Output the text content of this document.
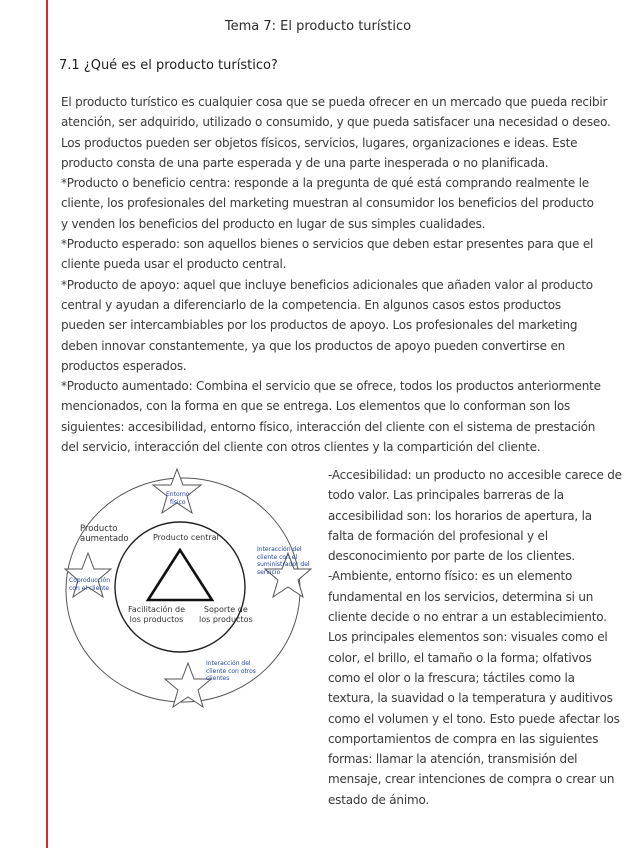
Tema 7: El producto turístico
7.1 ¿Qué es el producto turístico?
El producto turístico es cualquier cosa que se pueda ofrecer en un mercado que pueda recibir
atención, ser adquirido, utilizado o consumido, y que pueda satisfacer una necesidad o deseo.
Los productos pueden ser objetos físicos, servicios, lugares, organizaciones e ideas. Este
producto consta de una parte esperada y de una parte inesperada o no planificada.
*Producto o beneficio centra: responde a la pregunta de qué está comprando realmente le
cliente, los profesionales del marketing muestran al consumidor los beneficios del producto
y venden los beneficios del producto en lugar de sus simples cualidades.
*Producto esperado: son aquellos bienes o servicios que deben estar presentes para que el
cliente pueda usar el producto central.
*Producto de apoyo: aquel que incluye beneficios adicionales que añaden valor al producto
central y ayudan a diferenciarlo de la competencia. En algunos casos estos productos
pueden ser intercambiables por los productos de apoyo. Los profesionales del marketing
deben innovar constantemente, ya que los productos de apoyo pueden convertirse en
productos esperados.
*Producto aumentado: Combina el servicio que se ofrece, todos los productos anteriormente
mencionados, con la forma en que se entrega. Los elementos que lo conforman son los
siguientes: accesibilidad, entorno físico, interacción del cliente con el sistema de prestación
del servicio, interacción del cliente con otros clientes y la compartición del cliente.
Producto
aumentado	Producto central
Facilitación de
los productos
Soporte de
los productos
Entorno
físico
Interacción del
cliente con el
suministrador del
servicio
Coproducción
con el cliente
Interacción del
cliente con otros
clientes
-Accesibilidad: un producto no accesible carece de
todo valor. Las principales barreras de la
accesibilidad son: los horarios de apertura, la
falta de formación del profesional y el
desconocimiento por parte de los clientes.
-Ambiente, entorno físico: es un elemento
fundamental en los servicios, determina si un
cliente decide o no entrar a un establecimiento.
Los principales elementos son: visuales como el
color, el brillo, el tamaño o la forma; olfativos
como el olor o la frescura; táctiles como la
textura, la suavidad o la temperatura y auditivos
como el volumen y el tono. Esto puede afectar los
comportamientos de compra en las siguientes
formas: llamar la atención, transmisión del
mensaje, crear intenciones de compra o crear un
estado de ánimo.
